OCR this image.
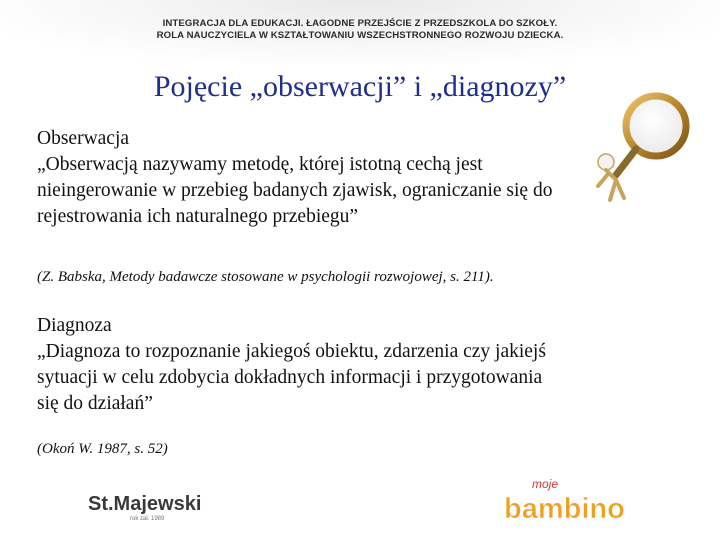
INTEGRACJA DLA EDUKACJI. ŁAGODNE PRZEJŚCIE Z PRZEDSZKOLA DO SZKOŁY.
ROLA NAUCZYCIELA W KSZTAŁTOWANIU WSZECHSTRONNEGO ROZWOJU DZIECKA.
Pojęcie „obserwacji” i „diagnozy”
Obserwacja
„Obserwacją nazywamy metodę, której istotną cechą jest
nieingerowanie w przebieg badanych zjawisk, ograniczanie się do
rejestrowania ich naturalnego przebiegu”
(Z. Babska, Metody badawcze stosowane w psychologii rozwojowej, s. 211).
Diagnoza
„Diagnoza to rozpoznanie jakiegoś obiektu, zdarzenia czy jakiejś
sytuacji w celu zdobycia dokładnych informacji i przygotowania
się do działań”
(Okoń W. 1987, s. 52)
St.Majewski
rok zał. 1989
moje
bambino
